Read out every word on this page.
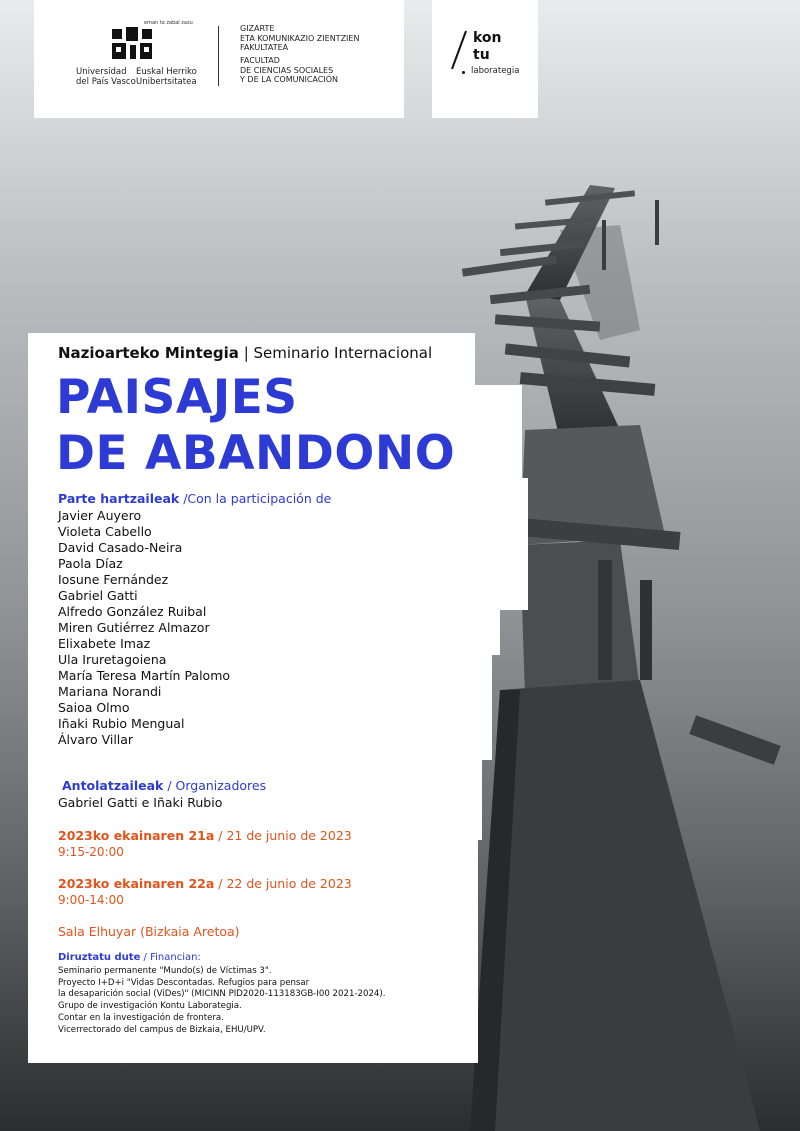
eman ta zabal zazu
Universidad
del País Vasco
Euskal Herriko
Unibertsitatea
GIZARTE
ETA KOMUNIKAZIO ZIENTZIEN
FAKULTATEA
FACULTAD
DE CIENCIAS SOCIALES
Y DE LA COMUNICACIÓN
kon
tu
laborategia
Nazioarteko Mintegia | Seminario Internacional
PAISAJES
DE ABANDONO
Parte hartzaileak /Con la participación de
Javier Auyero
Violeta Cabello
David Casado-Neira
Paola Díaz
Iosune Fernández
Gabriel Gatti
Alfredo González Ruibal
Miren Gutiérrez Almazor
Elixabete Imaz
Ula Iruretagoiena
María Teresa Martín Palomo
Mariana Norandi
Saioa Olmo
Iñaki Rubio Mengual
Álvaro Villar
Antolatzaileak / Organizadores
Gabriel Gatti e Iñaki Rubio
2023ko ekainaren 21a / 21 de junio de 2023
9:15-20:00
2023ko ekainaren 22a / 22 de junio de 2023
9:00-14:00
Sala Elhuyar (Bizkaia Aretoa)
Diruztatu dute / Financian:
Seminario permanente "Mundo(s) de Víctimas 3".
Proyecto I+D+i "Vidas Descontadas. Refugios para pensar
la desaparición social (ViDes)" (MICINN PID2020-113183GB-I00 2021-2024).
Grupo de investigación Kontu Laborategia.
Contar en la investigación de frontera.
Vicerrectorado del campus de Bizkaia, EHU/UPV.
